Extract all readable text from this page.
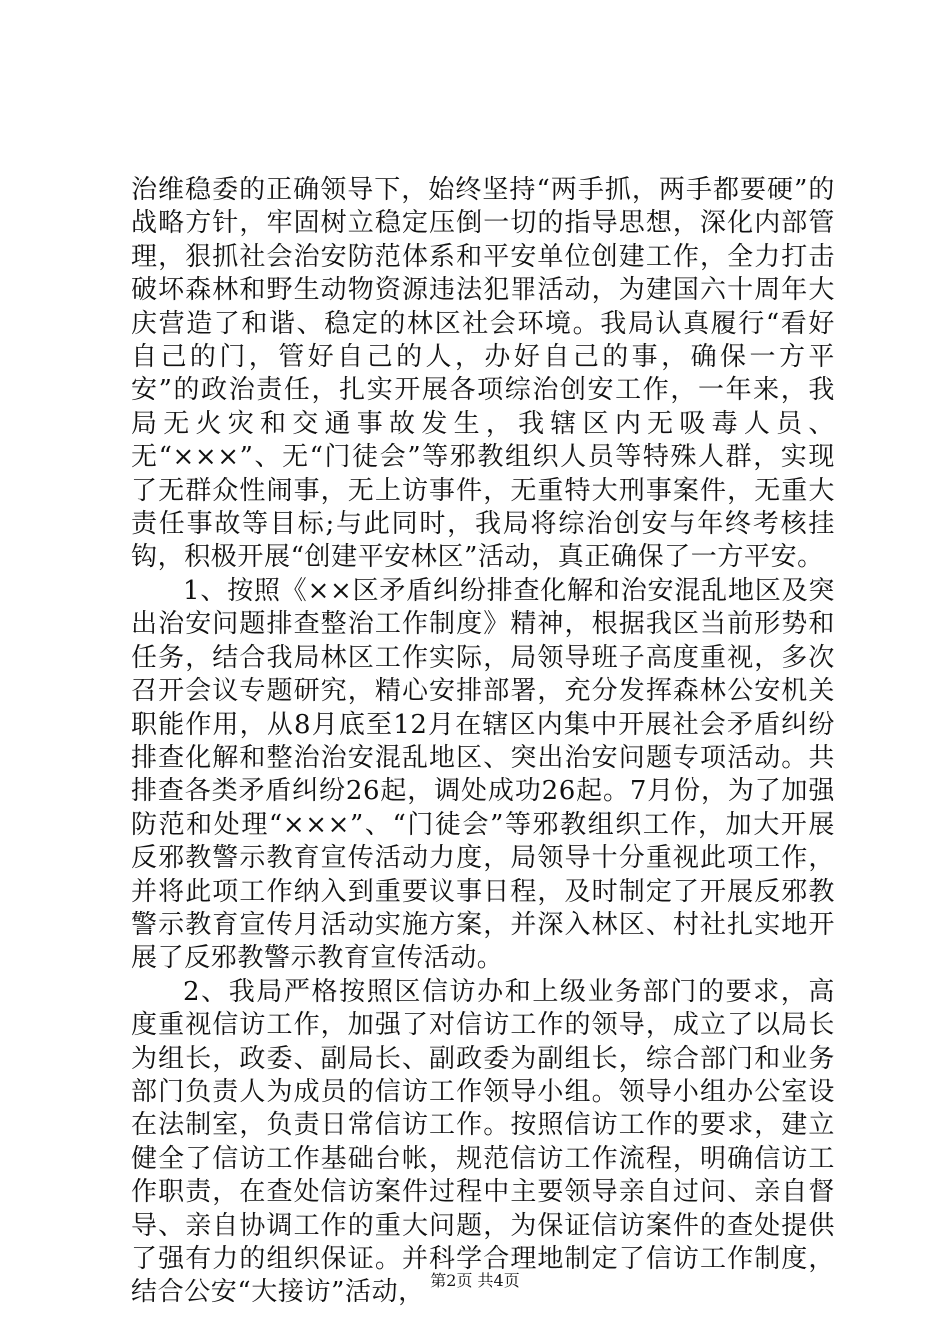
治维稳委的正确领导下，始终坚持“两手抓，两手都要硬”的战略方针，牢固树立稳定压倒一切的指导思想，深化内部管理，狠抓社会治安防范体系和平安单位创建工作，全力打击破坏森林和野生动物资源违法犯罪活动，为建国六十周年大庆营造了和谐、稳定的林区社会环境。我局认真履行“看好自己的门，管好自己的人，办好自己的事，确保一方平安”的政治责任，扎实开展各项综治创安工作，一年来，我局无火灾和交通事故发生，我辖区内无吸毒人员、无“×××”、无“门徒会”等邪教组织人员等特殊人群，实现了无群众性闹事，无上访事件，无重特大刑事案件，无重大责任事故等目标;与此同时，我局将综治创安与年终考核挂钩，积极开展“创建平安林区”活动，真正确保了一方平安。

1、按照《××区矛盾纠纷排查化解和治安混乱地区及突出治安问题排查整治工作制度》精神，根据我区当前形势和任务，结合我局林区工作实际，局领导班子高度重视，多次召开会议专题研究，精心安排部署，充分发挥森林公安机关职能作用，从8月底至12月在辖区内集中开展社会矛盾纠纷排查化解和整治治安混乱地区、突出治安问题专项活动。共排查各类矛盾纠纷26起，调处成功26起。7月份，为了加强防范和处理“×××”、“门徒会”等邪教组织工作，加大开展反邪教警示教育宣传活动力度，局领导十分重视此项工作，并将此项工作纳入到重要议事日程，及时制定了开展反邪教警示教育宣传月活动实施方案，并深入林区、村社扎实地开展了反邪教警示教育宣传活动。

2、我局严格按照区信访办和上级业务部门的要求，高度重视信访工作，加强了对信访工作的领导，成立了以局长为组长，政委、副局长、副政委为副组长，综合部门和业务部门负责人为成员的信访工作领导小组。领导小组办公室设在法制室，负责日常信访工作。按照信访工作的要求，建立健全了信访工作基础台帐，规范信访工作流程，明确信访工作职责，在查处信访案件过程中主要领导亲自过问、亲自督导、亲自协调工作的重大问题，为保证信访案件的查处提供了强有力的组织保证。并科学合理地制定了信访工作制度，结合公安“大接访”活动， 第2页 共4页
